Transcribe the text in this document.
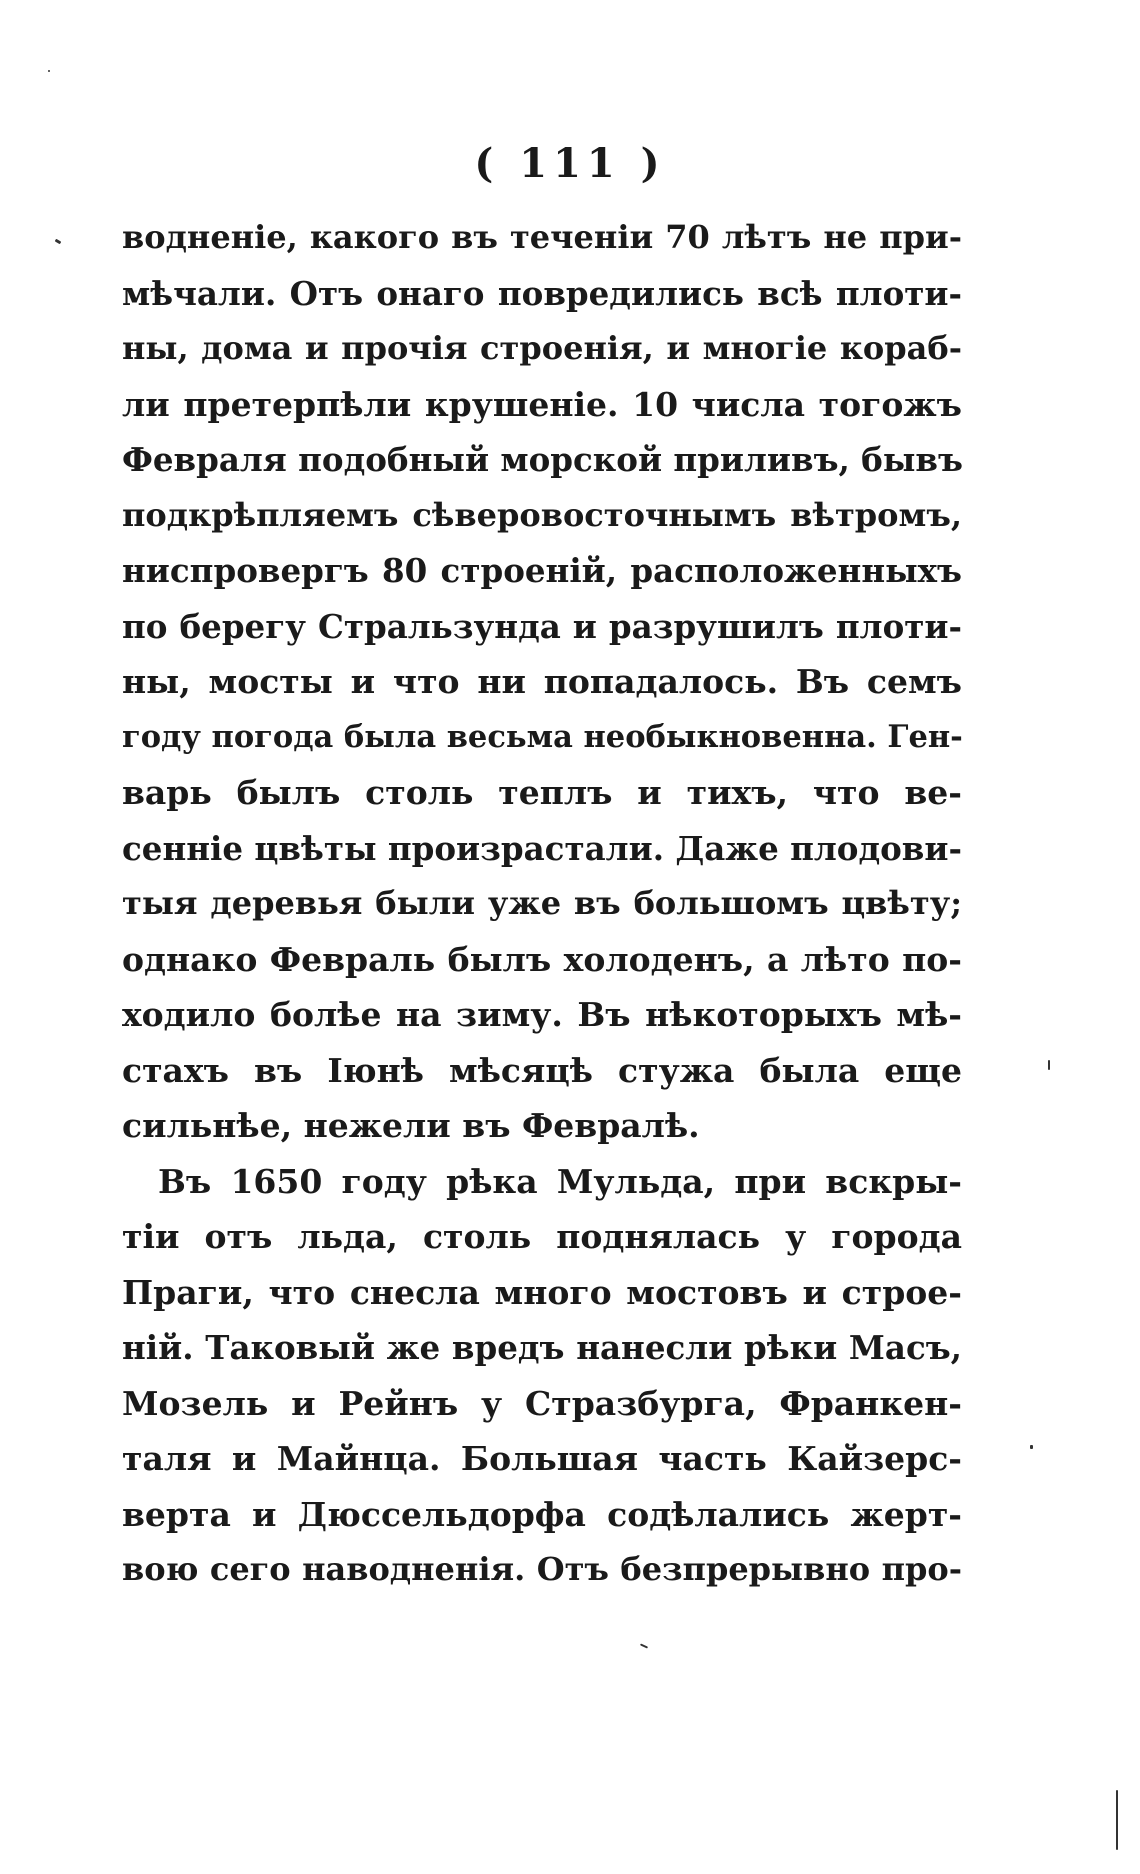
( 111 )
водненіе, какого въ теченіи 70 лѣтъ не при-
мѣчали. Отъ онаго повредились всѣ плоти-
ны, дома и прочія строенія, и многіе кораб-
ли претерпѣли крушеніе. 10 числа тогожъ
Февраля подобный морской приливъ, бывъ
подкрѣпляемъ сѣверовосточнымъ вѣтромъ,
ниспровергъ 80 строеній, расположенныхъ
по берегу Стральзунда и разрушилъ плоти-
ны, мосты и что ни попадалось. Въ семъ
году погода была весьма необыкновенна. Ген-
варь былъ столь теплъ и тихъ, что ве-
сенніе цвѣты произрастали. Даже плодови-
тыя деревья были уже въ большомъ цвѣту;
однако Февраль былъ холоденъ, а лѣто по-
ходило болѣе на зиму. Въ нѣкоторыхъ мѣ-
стахъ въ Іюнѣ мѣсяцѣ стужа была еще
сильнѣе, нежели въ Февралѣ.
Въ 1650 году рѣка Мульда, при вскры-
тіи отъ льда, столь поднялась у города
Праги, что снесла много мостовъ и строе-
ній. Таковый же вредъ нанесли рѣки Масъ,
Мозель и Рейнъ у Стразбурга, Франкен-
таля и Майнца. Большая часть Кайзерс-
верта и Дюссельдорфа содѣлались жерт-
вою сего наводненія. Отъ безпрерывно про-
